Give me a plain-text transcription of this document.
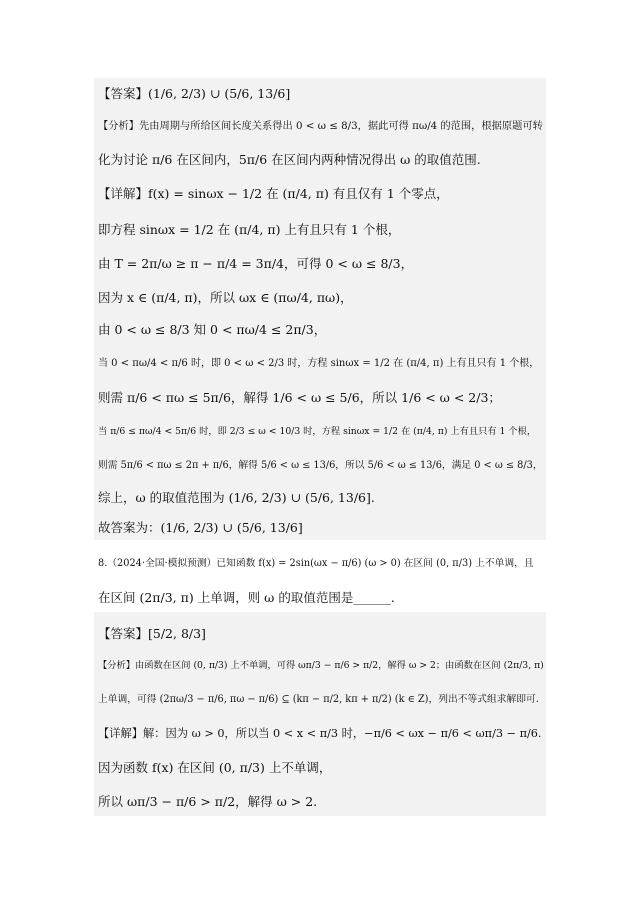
【答案】(1/6, 2/3) ∪ (5/6, 13/6]
【分析】先由周期与所给区间长度关系得出 0 < ω ≤ 8/3，据此可得 πω/4 的范围，根据原题可转
化为讨论 π/6 在区间内，5π/6 在区间内两种情况得出 ω 的取值范围.
【详解】f(x) = sinωx − 1/2 在 (π/4, π) 有且仅有 1 个零点，
即方程 sinωx = 1/2 在 (π/4, π) 上有且只有 1 个根，
由 T = 2π/ω ≥ π − π/4 = 3π/4，可得 0 < ω ≤ 8/3，
因为 x ∈ (π/4, π)，所以 ωx ∈ (πω/4, πω)，
由 0 < ω ≤ 8/3 知 0 < πω/4 ≤ 2π/3，
当 0 < πω/4 < π/6 时，即 0 < ω < 2/3 时，方程 sinωx = 1/2 在 (π/4, π) 上有且只有 1 个根，
则需 π/6 < πω ≤ 5π/6，解得 1/6 < ω ≤ 5/6，所以 1/6 < ω < 2/3；
当 π/6 ≤ πω/4 < 5π/6 时，即 2/3 ≤ ω < 10/3 时，方程 sinωx = 1/2 在 (π/4, π) 上有且只有 1 个根，
则需 5π/6 < πω ≤ 2π + π/6，解得 5/6 < ω ≤ 13/6，所以 5/6 < ω ≤ 13/6，满足 0 < ω ≤ 8/3，
综上，ω 的取值范围为 (1/6, 2/3) ∪ (5/6, 13/6].
故答案为：(1/6, 2/3) ∪ (5/6, 13/6]
8.（2024·全国·模拟预测）已知函数 f(x) = 2sin(ωx − π/6) (ω > 0) 在区间 (0, π/3) 上不单调，且
在区间 (2π/3, π) 上单调，则 ω 的取值范围是______.
【答案】[5/2, 8/3]
【分析】由函数在区间 (0, π/3) 上不单调，可得 ωπ/3 − π/6 > π/2，解得 ω > 2；由函数在区间 (2π/3, π)
上单调，可得 (2πω/3 − π/6, πω − π/6) ⊆ (kπ − π/2, kπ + π/2) (k ∈ Z)，列出不等式组求解即可.
【详解】解：因为 ω > 0，所以当 0 < x < π/3 时，−π/6 < ωx − π/6 < ωπ/3 − π/6.
因为函数 f(x) 在区间 (0, π/3) 上不单调，
所以 ωπ/3 − π/6 > π/2，解得 ω > 2.
